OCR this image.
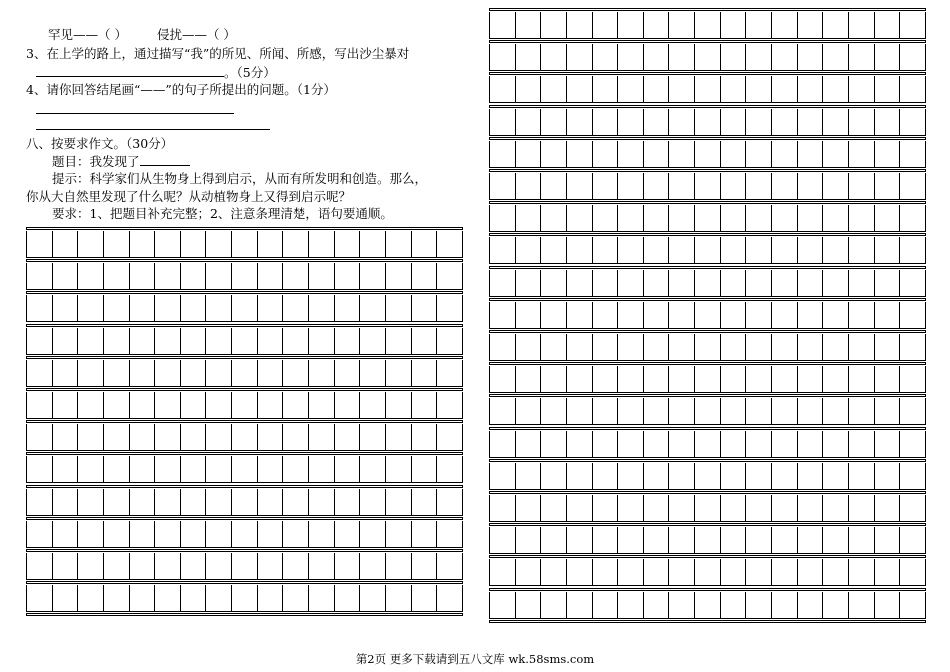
罕见——（ ） 侵扰——（ ）
3、在上学的路上，通过描写“我”的所见、所闻、所感，写出沙尘暴对
。（5分）
4、请你回答结尾画“——”的句子所提出的问题。（1分）
八、按要求作文。（30分）
题目：我发现了
提示：科学家们从生物身上得到启示，从而有所发明和创造。那么，
你从大自然里发现了什么呢？从动植物身上又得到启示呢？
要求：1、把题目补充完整；2、注意条理清楚，语句要通顺。
第2页 更多下载请到五八文库 wk.58sms.com
